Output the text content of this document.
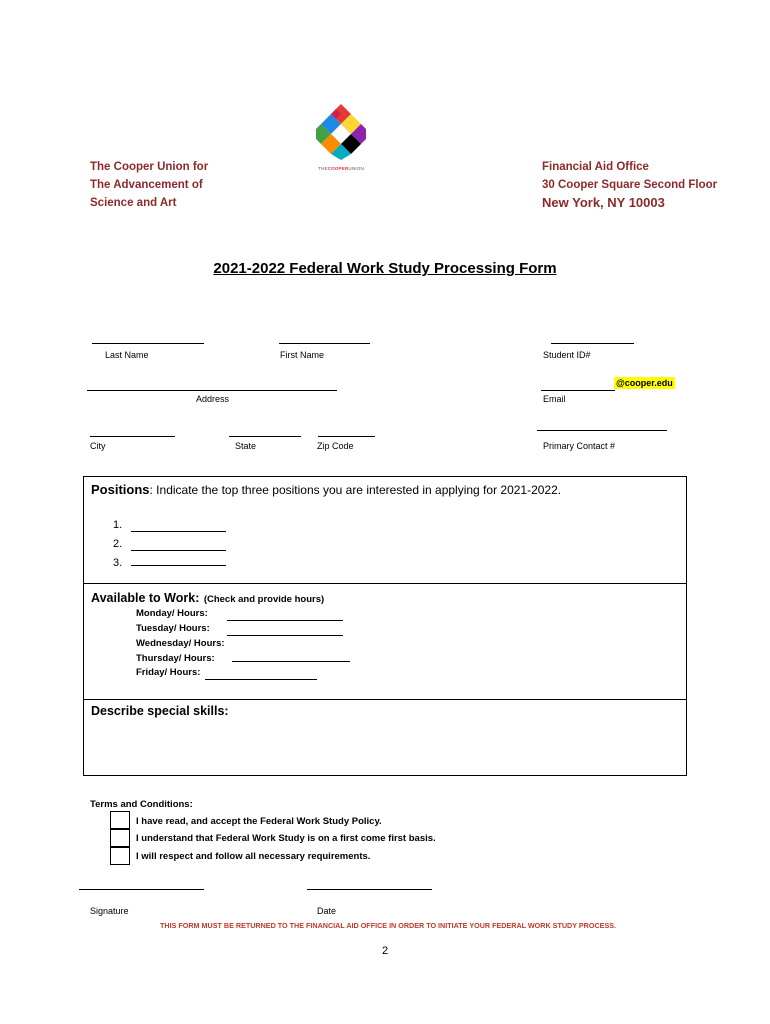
THECOOPERUNION
The Cooper Union for
The Advancement of
Science and Art
Financial Aid Office
30 Cooper Square Second Floor
New York, NY 10003
2021-2022 Federal Work Study Processing Form
Last Name	First Name	Student ID#
Address
@cooper.edu
Email
City	State	Zip Code	Primary Contact #
Positions: Indicate the top three positions you are interested in applying for 2021-2022.
1.
2.
3.
Available to Work: (Check and provide hours)
Monday/ Hours:
Tuesday/ Hours:
Wednesday/ Hours:
Thursday/ Hours:
Friday/ Hours:
Describe special skills:
Terms and Conditions:
I have read, and accept the Federal Work Study Policy.
I understand that Federal Work Study is on a first come first basis.
I will respect and follow all necessary requirements.
Signature	Date
THIS FORM MUST BE RETURNED TO THE FINANCIAL AID OFFICE IN ORDER TO INITIATE YOUR FEDERAL WORK STUDY PROCESS.
2
